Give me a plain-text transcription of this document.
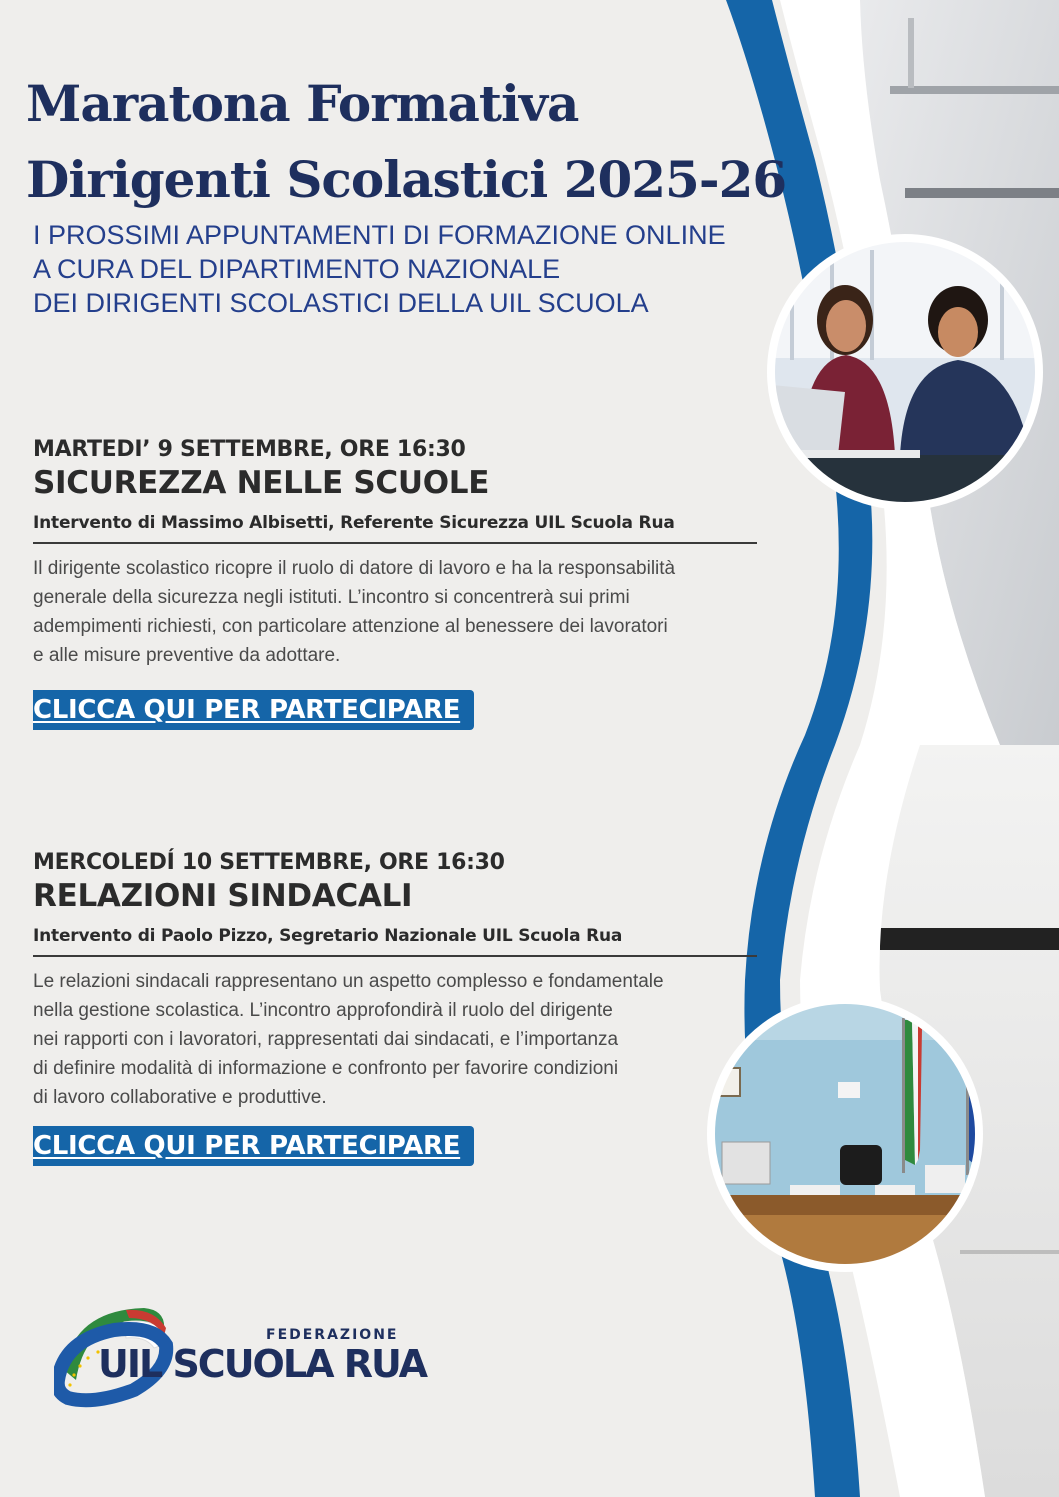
Maratona Formativa
Dirigenti Scolastici 2025-26
I PROSSIMI APPUNTAMENTI DI FORMAZIONE ONLINE
A CURA DEL DIPARTIMENTO NAZIONALE
DEI DIRIGENTI SCOLASTICI DELLA UIL SCUOLA
MARTEDI’ 9 SETTEMBRE, ORE 16:30
SICUREZZA NELLE SCUOLE
Intervento di Massimo Albisetti, Referente Sicurezza UIL Scuola Rua
Il dirigente scolastico ricopre il ruolo di datore di lavoro e ha la responsabilità
generale della sicurezza negli istituti. L’incontro si concentrerà sui primi
adempimenti richiesti, con particolare attenzione al benessere dei lavoratori
e alle misure preventive da adottare.
CLICCA QUI PER PARTECIPARE
MERCOLEDÍ 10 SETTEMBRE, ORE 16:30
RELAZIONI SINDACALI
Intervento di Paolo Pizzo, Segretario Nazionale UIL Scuola Rua
Le relazioni sindacali rappresentano un aspetto complesso e fondamentale
nella gestione scolastica. L’incontro approfondirà il ruolo del dirigente
nei rapporti con i lavoratori, rappresentati dai sindacati, e l’importanza
di definire modalità di informazione e confronto per favorire condizioni
di lavoro collaborative e produttive.
CLICCA QUI PER PARTECIPARE
FEDERAZIONE
UIL SCUOLA RUA
